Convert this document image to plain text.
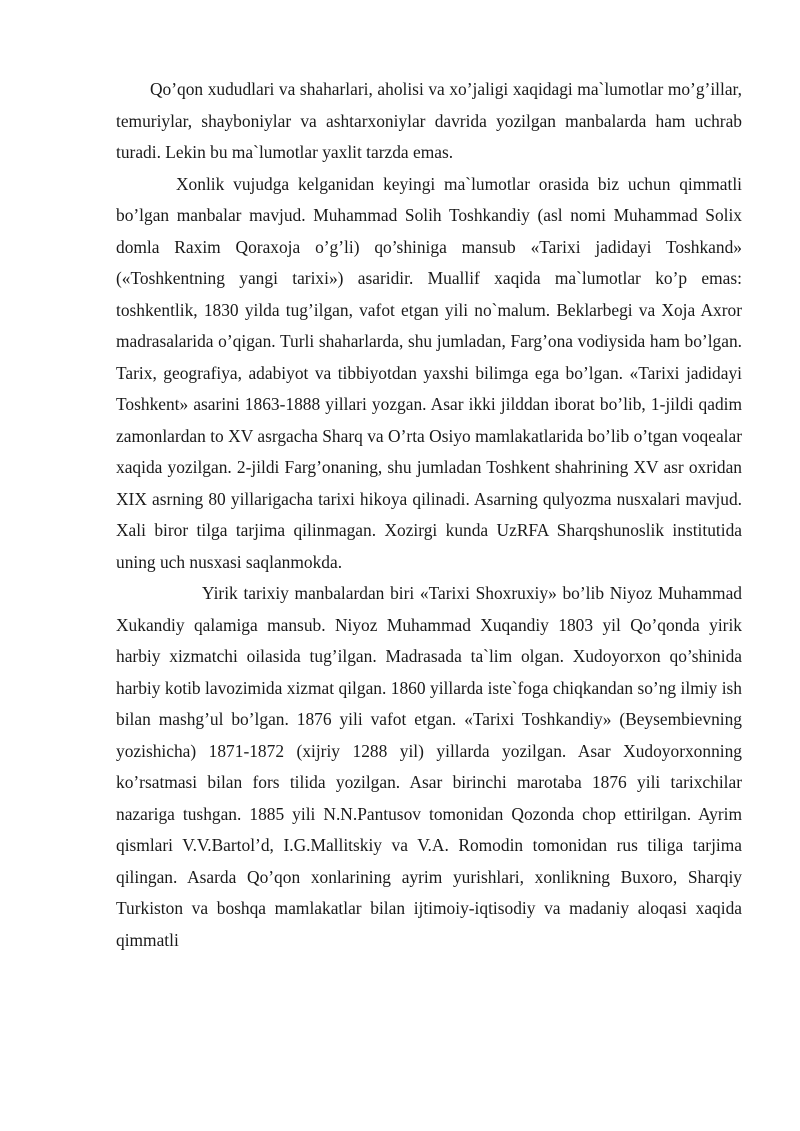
Qo’qon xududlari va shaharlari, aholisi va xo’jaligi xaqidagi ma`lumotlar mo’g’illar, temuriylar, shayboniylar va ashtarxoniylar davrida yozilgan manbalarda ham uchrab turadi. Lekin bu ma`lumotlar yaxlit tarzda emas.

Xonlik vujudga kelganidan keyingi ma`lumotlar orasida biz uchun qimmatli bo’lgan manbalar mavjud. Muhammad Solih Toshkandiy (asl nomi Muhammad Solix domla Raxim Qoraxoja o’g’li) qo’shiniga mansub «Tarixi jadidayi Toshkand» («Toshkentning yangi tarixi») asaridir. Muallif xaqida ma`lumotlar ko’p emas: toshkentlik, 1830 yilda tug’ilgan, vafot etgan yili no`malum. Beklarbegi va Xoja Axror madrasalarida o’qigan. Turli shaharlarda, shu jumladan, Farg’ona vodiysida ham bo’lgan. Tarix, geografiya, adabiyot va tibbiyotdan yaxshi bilimga ega bo’lgan. «Tarixi jadidayi Toshkent» asarini 1863-1888 yillari yozgan. Asar ikki jilddan iborat bo’lib, 1-jildi qadim zamonlardan to XV asrgacha Sharq va O’rta Osiyo mamlakatlarida bo’lib o’tgan voqealar xaqida yozilgan. 2-jildi Farg’onaning, shu jumladan Toshkent shahrining XV asr oxridan XIX asrning 80 yillarigacha tarixi hikoya qilinadi. Asarning qulyozma nusxalari mavjud. Xali biror tilga tarjima qilinmagan. Xozirgi kunda UzRFA Sharqshunoslik institutida uning uch nusxasi saqlanmokda.

Yirik tarixiy manbalardan biri «Tarixi Shoxruxiy» bo’lib Niyoz Muhammad Xukandiy qalamiga mansub. Niyoz Muhammad Xuqandiy 1803 yil Qo’qonda yirik harbiy xizmatchi oilasida tug’ilgan. Madrasada ta`lim olgan. Xudoyorxon qo’shinida harbiy kotib lavozimida xizmat qilgan. 1860 yillarda iste`foga chiqkandan so’ng ilmiy ish bilan mashg’ul bo’lgan. 1876 yili vafot etgan. «Tarixi Toshkandiy» (Beysembievning yozishicha) 1871-1872 (xijriy 1288 yil) yillarda yozilgan. Asar Xudoyorxonning ko’rsatmasi bilan fors tilida yozilgan. Asar birinchi marotaba 1876 yili tarixchilar nazariga tushgan. 1885 yili N.N.Pantusov tomonidan Qozonda chop ettirilgan. Ayrim qismlari V.V.Bartol’d, I.G.Mallitskiy va V.A. Romodin tomonidan rus tiliga tarjima qilingan. Asarda Qo’qon xonlarining ayrim yurishlari, xonlikning Buxoro, Sharqiy Turkiston va boshqa mamlakatlar bilan ijtimoiy-iqtisodiy va madaniy aloqasi xaqida qimmatli
